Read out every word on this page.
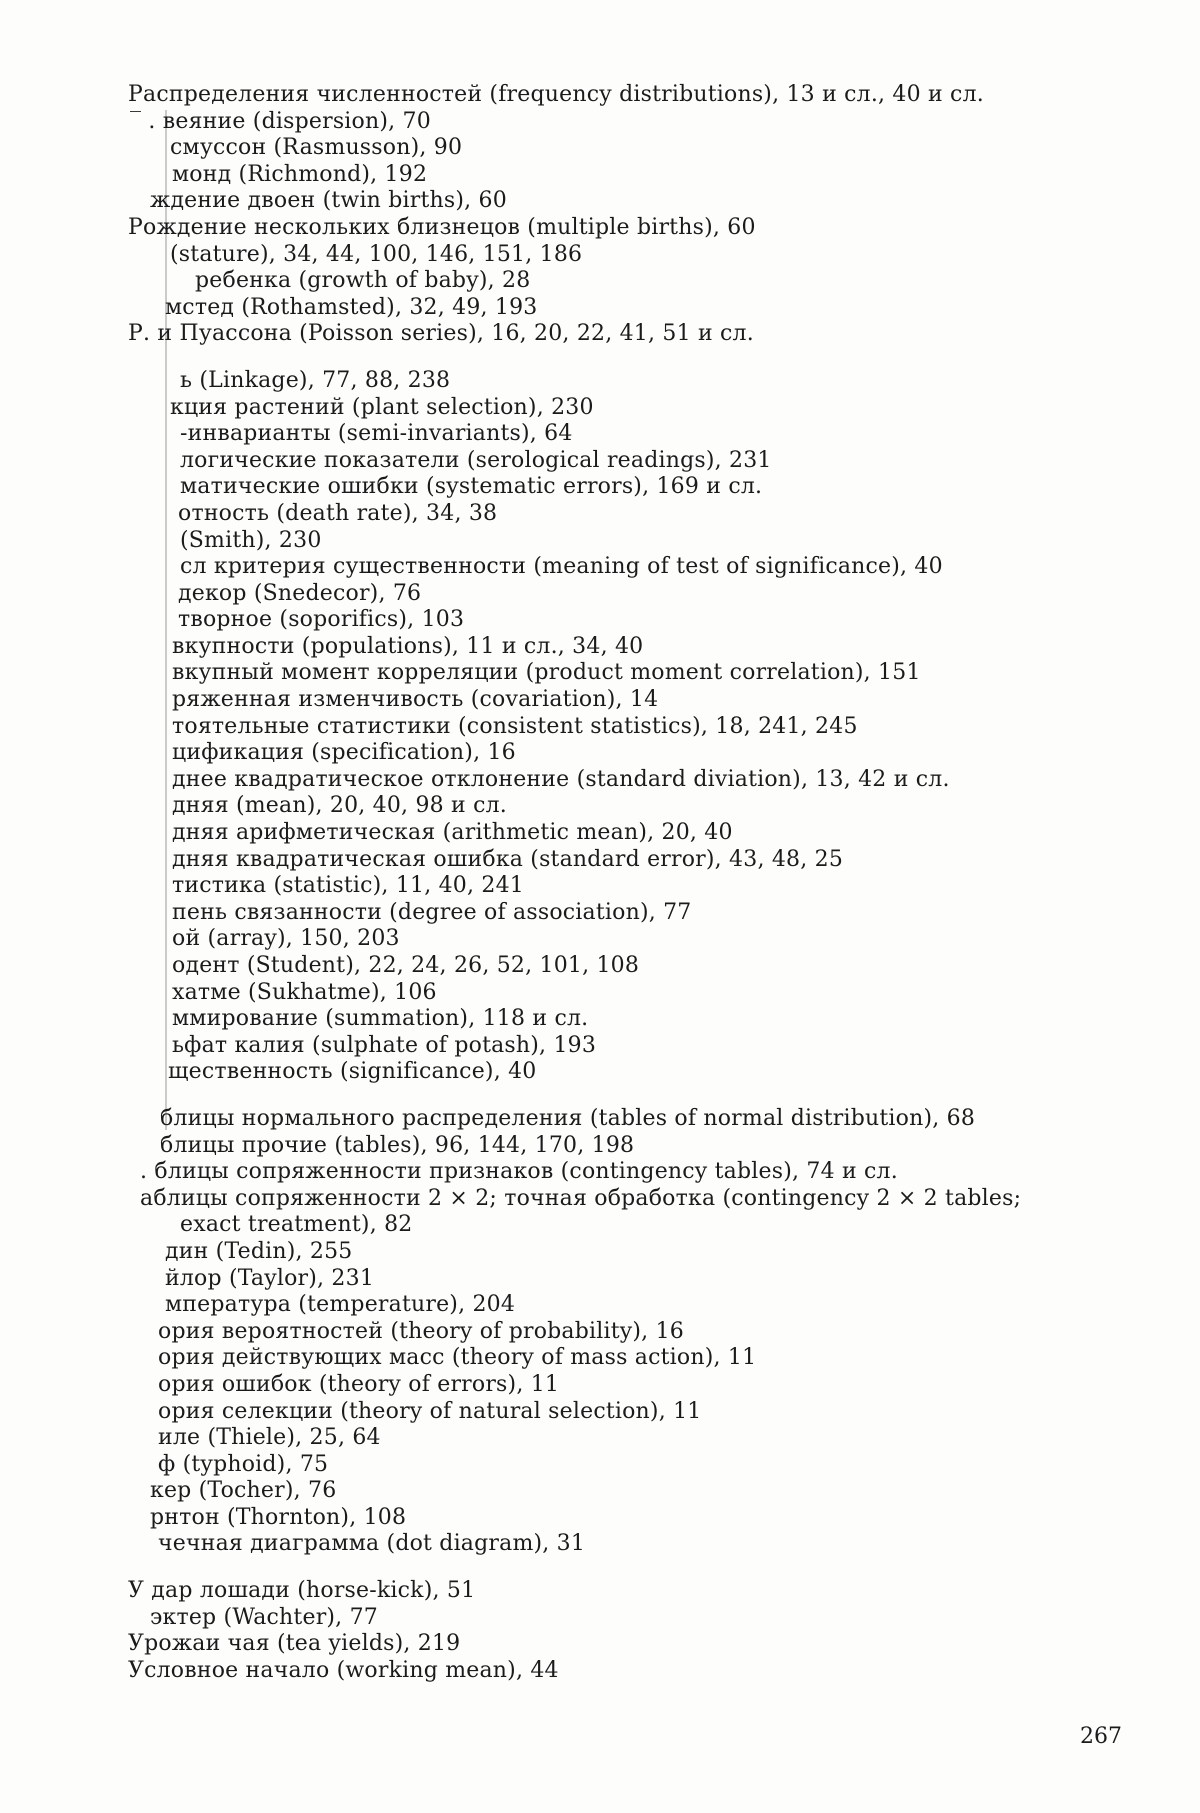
Распределения численностей (frequency distributions), 13 и сл., 40 и сл.
‾ . веяние (dispersion), 70
смуссон (Rasmusson), 90
монд (Richmond), 192
ждение двоен (twin births), 60
Рождение нескольких близнецов (multiple births), 60
(stature), 34, 44, 100, 146, 151, 186
ребенка (growth of baby), 28
мстед (Rothamsted), 32, 49, 193
Р. и Пуассона (Poisson series), 16, 20, 22, 41, 51 и сл.
ь (Linkage), 77, 88, 238
кция растений (plant selection), 230
-инварианты (semi-invariants), 64
логические показатели (serological readings), 231
матические ошибки (systematic errors), 169 и сл.
отность (death rate), 34, 38
(Smith), 230
сл критерия существенности (meaning of test of significance), 40
декор (Snedecor), 76
творное (soporifics), 103
вкупности (populations), 11 и сл., 34, 40
вкупный момент корреляции (product moment correlation), 151
ряженная изменчивость (covariation), 14
тоятельные статистики (consistent statistics), 18, 241, 245
цификация (specification), 16
днее квадратическое отклонение (standard diviation), 13, 42 и сл.
дняя (mean), 20, 40, 98 и сл.
дняя арифметическая (arithmetic mean), 20, 40
дняя квадратическая ошибка (standard error), 43, 48, 25
тистика (statistic), 11, 40, 241
пень связанности (degree of association), 77
ой (array), 150, 203
одент (Student), 22, 24, 26, 52, 101, 108
хатме (Sukhatme), 106
ммирование (summation), 118 и сл.
ьфат калия (sulphate of potash), 193
щественность (significance), 40
блицы нормального распределения (tables of normal distribution), 68
блицы прочие (tables), 96, 144, 170, 198
. блицы сопряженности признаков (contingency tables), 74 и сл.
аблицы сопряженности 2 × 2; точная обработка (contingency 2 × 2 tables;
exact treatment), 82
дин (Tedin), 255
йлор (Taylor), 231
мпература (temperature), 204
ория вероятностей (theory of probability), 16
ория действующих масс (theory of mass action), 11
ория ошибок (theory of errors), 11
ория селекции (theory of natural selection), 11
иле (Thiele), 25, 64
ф (typhoid), 75
кер (Tocher), 76
рнтон (Thornton), 108
чечная диаграмма (dot diagram), 31
У дар лошади (horse-kick), 51
эктер (Wachter), 77
Урожаи чая (tea yields), 219
Условное начало (working mean), 44
267
